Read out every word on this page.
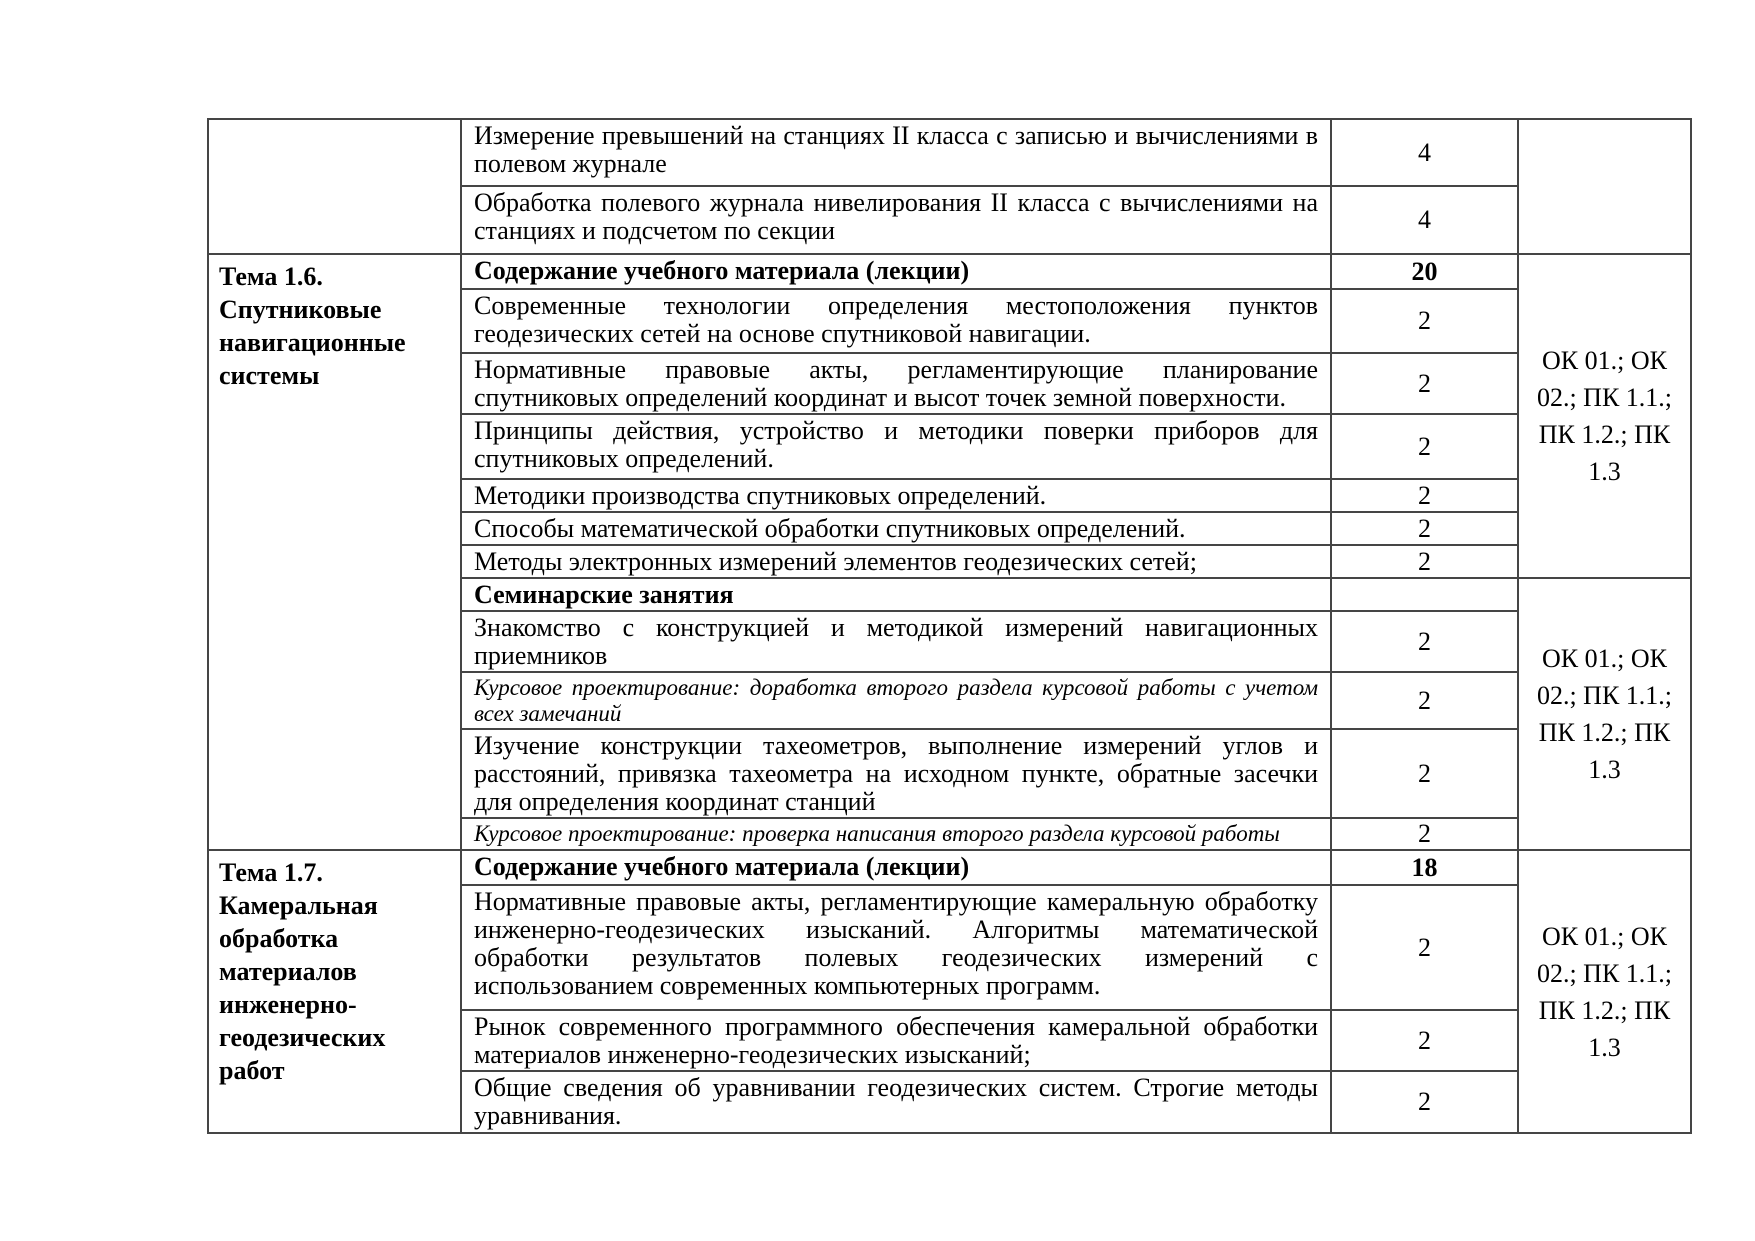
	Измерение превышений на станциях II класса с записью и вычислениями в полевом журнале	4	
	Обработка полевого журнала нивелирования II класса с вычислениями на станциях и подсчетом по секции	4	

Тема 1.6.
Спутниковые навигационные системы	Содержание учебного материала (лекции)	20	ОК 01.; ОК 02.; ПК 1.1.; ПК 1.2.; ПК 1.3
	Современные технологии определения местоположения пунктов геодезических сетей на основе спутниковой навигации.	2	
	Нормативные правовые акты, регламентирующие планирование спутниковых определений координат и высот точек земной поверхности.	2	
	Принципы действия, устройство и методики поверки приборов для спутниковых определений.	2	
	Методики производства спутниковых определений.	2	
	Способы математической обработки спутниковых определений.	2	
	Методы электронных измерений элементов геодезических сетей;	2	
	Семинарские занятия		ОК 01.; ОК 02.; ПК 1.1.; ПК 1.2.; ПК 1.3
	Знакомство с конструкцией и методикой измерений навигационных приемников	2	
	Курсовое проектирование: доработка второго раздела курсовой работы с учетом всех замечаний	2	
	Изучение конструкции тахеометров, выполнение измерений углов и расстояний, привязка тахеометра на исходном пункте, обратные засечки для определения координат станций	2	
	Курсовое проектирование: проверка написания второго раздела курсовой работы	2	

Тема 1.7.
Камеральная обработка материалов инженерно-геодезических работ	Содержание учебного материала (лекции)	18	ОК 01.; ОК 02.; ПК 1.1.; ПК 1.2.; ПК 1.3
	Нормативные правовые акты, регламентирующие камеральную обработку инженерно-геодезических изысканий. Алгоритмы математической обработки результатов полевых геодезических измерений с использованием современных компьютерных программ.	2	
	Рынок современного программного обеспечения камеральной обработки материалов инженерно-геодезических изысканий;	2	
	Общие сведения об уравнивании геодезических систем. Строгие методы уравнивания.	2	
